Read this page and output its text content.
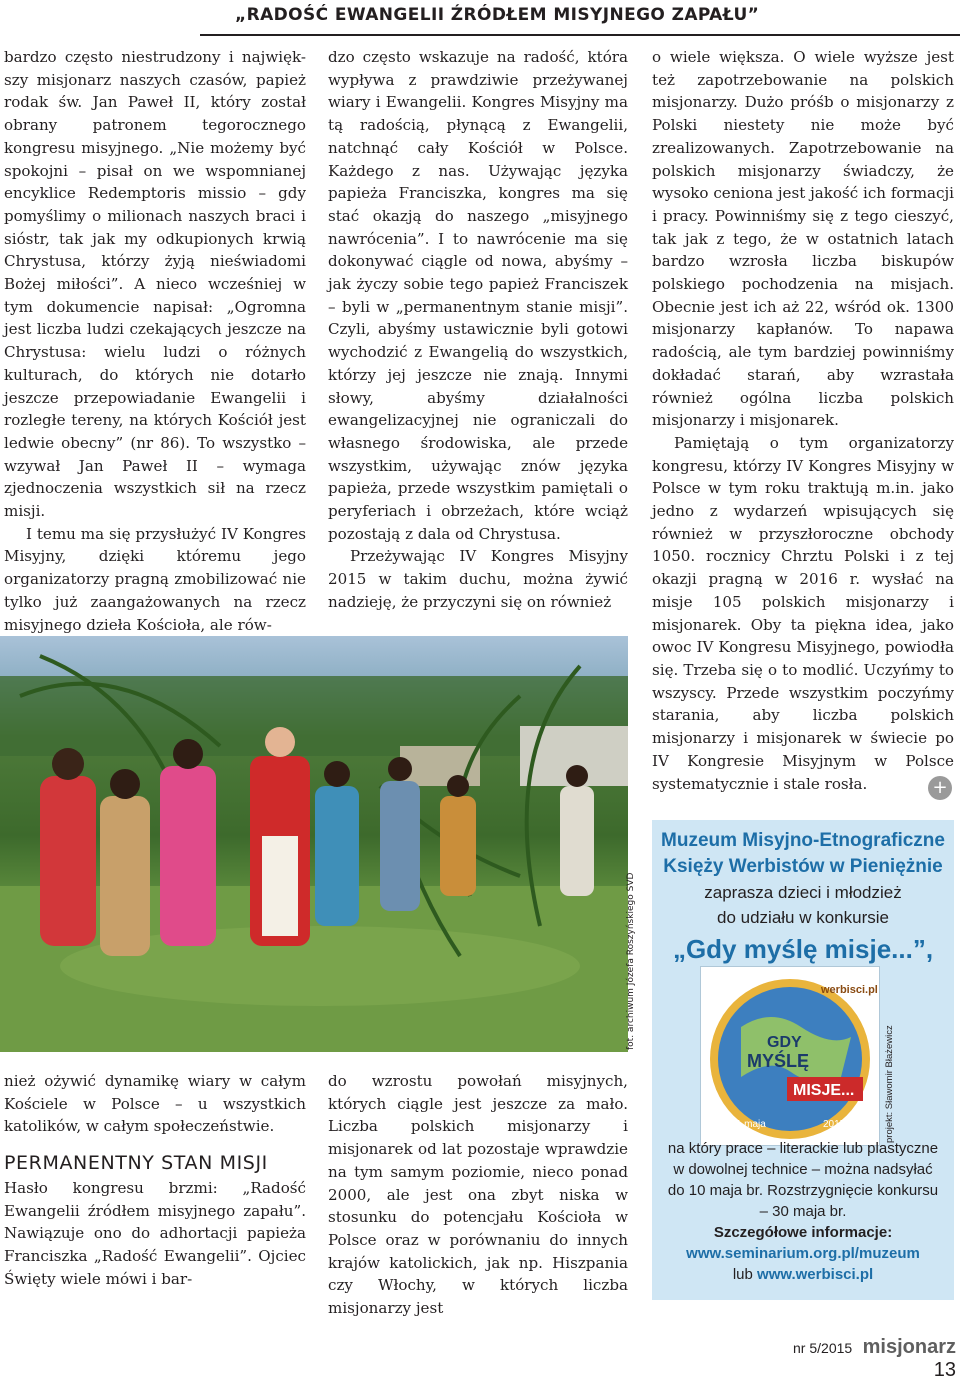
„RADOŚĆ EWANGELII ŹRÓDŁEM MISYJNEGO ZAPAŁU”

bardzo często niestrudzony i najwięk-szy misjonarz naszych czasów, papież rodak św. Jan Paweł II, który został obrany patronem tegorocznego kongresu misyjnego. „Nie możemy być spokojni – pisał on we wspomnianej encyklice Redemptoris missio – gdy pomyślimy o milionach naszych braci i sióstr, tak jak my odkupionych krwią Chrystusa, którzy żyją nieświadomi Bożej miłości”. A nieco wcześniej w tym dokumencie napisał: „Ogromna jest liczba ludzi czekających jeszcze na Chrystusa: wielu ludzi o różnych kulturach, do których nie dotarło jeszcze przepowiadanie Ewangelii i rozległe tereny, na których Kościół jest ledwie obecny” (nr 86). To wszystko – wzywał Jan Paweł II – wymaga zjednoczenia wszystkich sił na rzecz misji.

I temu ma się przysłużyć IV Kongres Misyjny, dzięki któremu jego organizatorzy pragną zmobilizować nie tylko już zaangażowanych na rzecz misyjnego dzieła Kościoła, ale rów-

dzo często wskazuje na radość, która wypływa z prawdziwie przeżywanej wiary i Ewangelii. Kongres Misyjny ma tą radością, płynącą z Ewangelii, natchnąć cały Kościół w Polsce. Każdego z nas. Używając języka papieża Franciszka, kongres ma się stać okazją do naszego „misyjnego nawrócenia”. I to nawrócenie ma się dokonywać ciągle od nowa, abyśmy – jak życzy sobie tego papież Franciszek – byli w „permanentnym stanie misji”. Czyli, abyśmy ustawicznie byli gotowi wychodzić z Ewangelią do wszystkich, którzy jej jeszcze nie znają. Innymi słowy, abyśmy działalności ewangelizacyjnej nie ograniczali do własnego środowiska, ale przede wszystkim, używając znów języka papieża, przede wszystkim pamiętali o peryferiach i obrzeżach, które wciąż pozostają z dala od Chrystusa.

Przeżywając IV Kongres Misyjny 2015 w takim duchu, można żywić nadzieję, że przyczyni się on również

o wiele większa. O wiele wyższe jest też zapotrzebowanie na polskich misjonarzy. Dużo próśb o misjonarzy z Polski niestety nie może być zrealizowanych. Zapotrzebowanie na polskich misjonarzy świadczy, że wysoko ceniona jest jakość ich formacji i pracy. Powinniśmy się z tego cieszyć, tak jak z tego, że w ostatnich latach bardzo wzrosła liczba biskupów polskiego pochodzenia na misjach. Obecnie jest ich aż 22, wśród ok. 1300 misjonarzy kapłanów. To napawa radością, ale tym bardziej powinniśmy dokładać starań, aby wzrastała również ogólna liczba polskich misjonarzy i misjonarek.

Pamiętają o tym organizatorzy kongresu, którzy IV Kongres Misyjny w Polsce w tym roku traktują m.in. jako jedno z wydarzeń wpisujących się również w przyszłoroczne obchody 1050. rocznicy Chrztu Polski i z tej okazji pragną w 2016 r. wysłać na misje 105 polskich misjonarzy i misjonarek. Oby ta piękna idea, jako owoc IV Kongresu Misyjnego, powiodła się. Trzeba się o to modlić. Uczyńmy to wszyscy. Przede wszystkim poczyńmy starania, aby liczba polskich misjonarzy i misjonarek w świecie po IV Kongresie Misyjnym w Polsce systematycznie i stale rosła.	+
fot. archiwum Józefa Roszyńskiego SVD

nież ożywić dynamikę wiary w całym Kościele w Polsce – u wszystkich katolików, w całym społeczeństwie.

PERMANENTNY STAN MISJI

Hasło kongresu brzmi: „Radość Ewangelii źródłem misyjnego zapału”. Nawiązuje ono do adhortacji papieża Franciszka „Radość Ewangelii”. Ojciec Święty wiele mówi i bar-

do wzrostu powołań misyjnych, których ciągle jest jeszcze za mało. Liczba polskich misjonarzy i misjonarek od lat pozostaje wprawdzie na tym samym poziomie, nieco ponad 2000, ale jest ona zbyt niska w stosunku do potencjału Kościoła w Polsce oraz w porównaniu do innych krajów katolickich, jak np. Hiszpania czy Włochy, w których liczba misjonarzy jest

Muzeum Misyjno-Etnograficzne
Księży Werbistów w Pieniężnie
zaprasza dzieci i młodzież
do udziału w konkursie
„Gdy myślę misje...”,
werbisci.pl
GDY
MYŚLĘ
MISJE...
11 maja	2015	projekt: Sławomir Błażewicz
na który prace – literackie lub plastyczne w dowolnej technice – można nadsyłać do 10 maja br. Rozstrzygnięcie konkursu – 30 maja br.
Szczegółowe informacje:
www.seminarium.org.pl/muzeum
lub www.werbisci.pl
nr 5/2015 misjonarz 13
